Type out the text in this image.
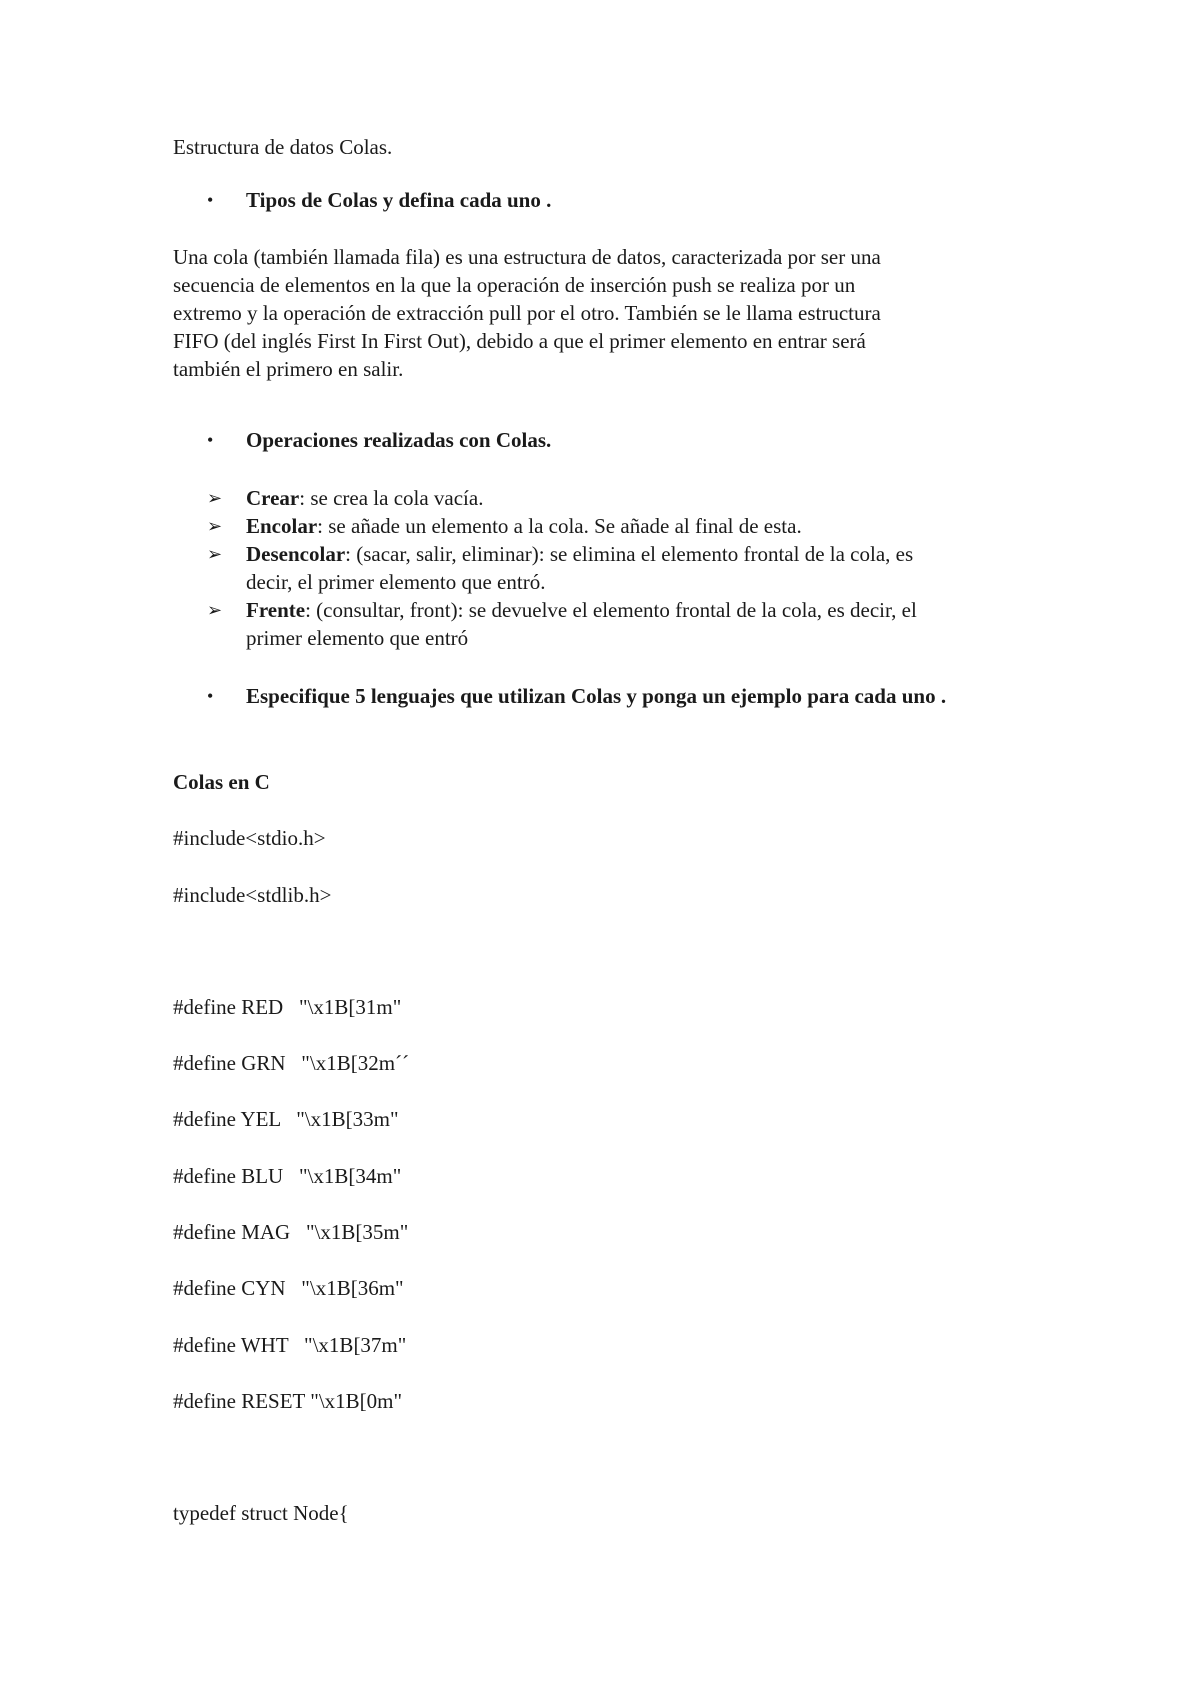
Estructura de datos Colas.
• Tipos de Colas y defina cada uno .
Una cola (también llamada fila) es una estructura de datos, caracterizada por ser una
secuencia de elementos en la que la operación de inserción push se realiza por un
extremo y la operación de extracción pull por el otro. También se le llama estructura
FIFO (del inglés First In First Out), debido a que el primer elemento en entrar será
también el primero en salir.
• Operaciones realizadas con Colas.
➢ Crear: se crea la cola vacía.
➢ Encolar: se añade un elemento a la cola. Se añade al final de esta.
➢ Desencolar: (sacar, salir, eliminar): se elimina el elemento frontal de la cola, es
decir, el primer elemento que entró.
➢ Frente: (consultar, front): se devuelve el elemento frontal de la cola, es decir, el
primer elemento que entró
• Especifique 5 lenguajes que utilizan Colas y ponga un ejemplo para cada uno .
Colas en C
#include<stdio.h>
#include<stdlib.h>
#define RED   "\x1B[31m"
#define GRN   "\x1B[32m´´
#define YEL   "\x1B[33m"
#define BLU   "\x1B[34m"
#define MAG   "\x1B[35m"
#define CYN   "\x1B[36m"
#define WHT   "\x1B[37m"
#define RESET "\x1B[0m"
typedef struct Node{
